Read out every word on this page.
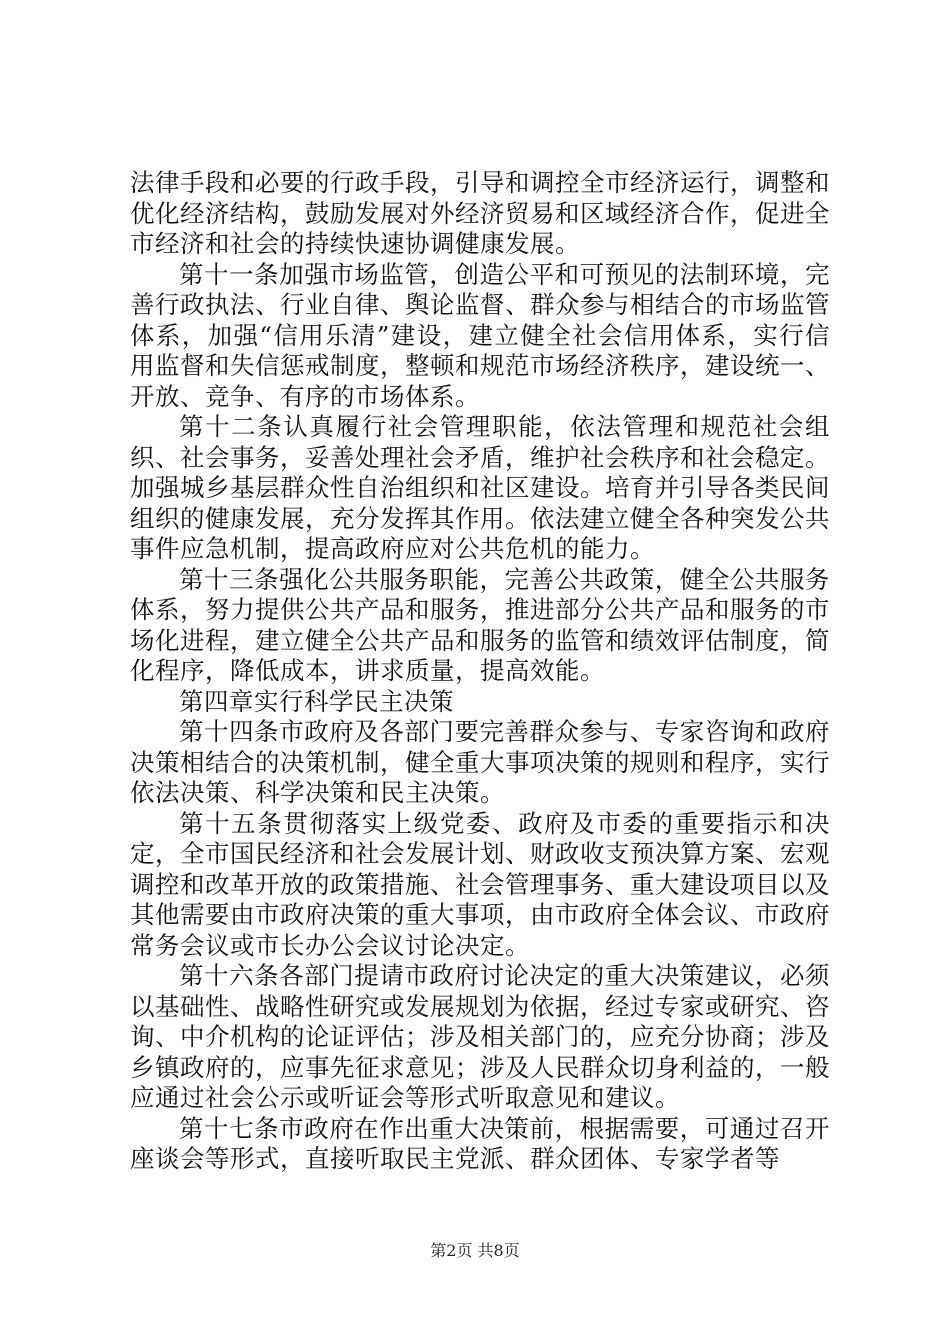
法律手段和必要的行政手段，引导和调控全市经济运行，调整和优化经济结构，鼓励发展对外经济贸易和区域经济合作，促进全市经济和社会的持续快速协调健康发展。

第十一条加强市场监管，创造公平和可预见的法制环境，完善行政执法、行业自律、舆论监督、群众参与相结合的市场监管体系，加强“信用乐清”建设，建立健全社会信用体系，实行信用监督和失信惩戒制度，整顿和规范市场经济秩序，建设统一、开放、竞争、有序的市场体系。

第十二条认真履行社会管理职能，依法管理和规范社会组织、社会事务，妥善处理社会矛盾，维护社会秩序和社会稳定。加强城乡基层群众性自治组织和社区建设。培育并引导各类民间组织的健康发展，充分发挥其作用。依法建立健全各种突发公共事件应急机制，提高政府应对公共危机的能力。

第十三条强化公共服务职能，完善公共政策，健全公共服务体系，努力提供公共产品和服务，推进部分公共产品和服务的市场化进程，建立健全公共产品和服务的监管和绩效评估制度，简化程序，降低成本，讲求质量，提高效能。

第四章实行科学民主决策

第十四条市政府及各部门要完善群众参与、专家咨询和政府决策相结合的决策机制，健全重大事项决策的规则和程序，实行依法决策、科学决策和民主决策。

第十五条贯彻落实上级党委、政府及市委的重要指示和决定，全市国民经济和社会发展计划、财政收支预决算方案、宏观调控和改革开放的政策措施、社会管理事务、重大建设项目以及其他需要由市政府决策的重大事项，由市政府全体会议、市政府常务会议或市长办公会议讨论决定。

第十六条各部门提请市政府讨论决定的重大决策建议，必须以基础性、战略性研究或发展规划为依据，经过专家或研究、咨询、中介机构的论证评估；涉及相关部门的，应充分协商；涉及乡镇政府的，应事先征求意见；涉及人民群众切身利益的，一般应通过社会公示或听证会等形式听取意见和建议。

第十七条市政府在作出重大决策前，根据需要，可通过召开座谈会等形式，直接听取民主党派、群众团体、专家学者等

第2页 共8页
